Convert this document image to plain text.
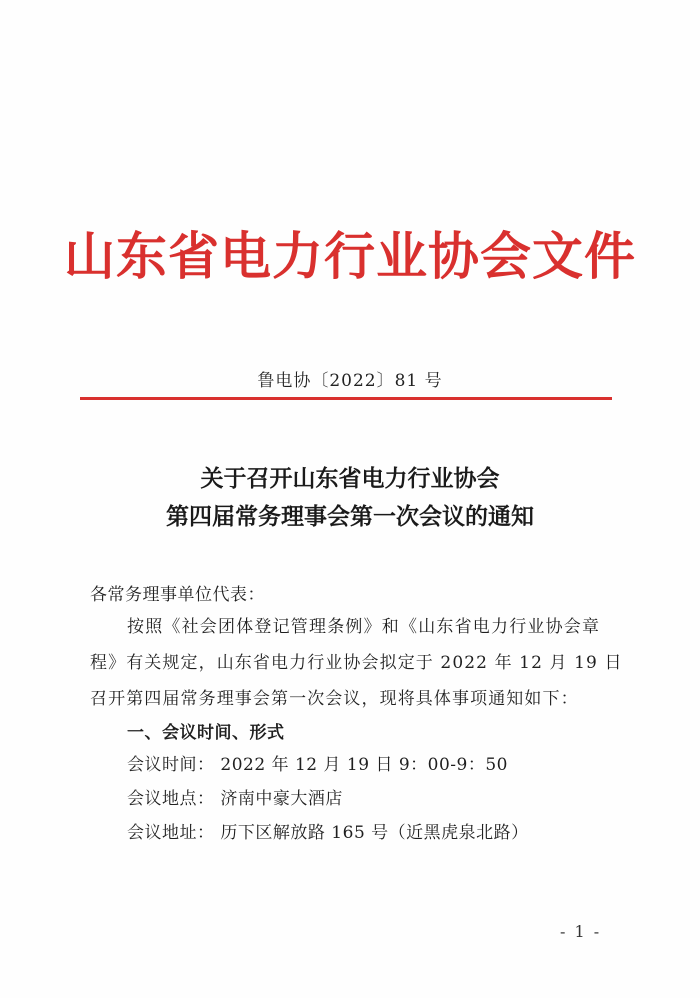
山东省电力行业协会文件
鲁电协〔2022〕81 号
关于召开山东省电力行业协会
第四届常务理事会第一次会议的通知
各常务理事单位代表：
按照《社会团体登记管理条例》和《山东省电力行业协会章
程》有关规定，山东省电力行业协会拟定于 2022 年 12 月 19 日
召开第四届常务理事会第一次会议，现将具体事项通知如下：
一、会议时间、形式
会议时间： 2022 年 12 月 19 日 9：00-9：50
会议地点： 济南中豪大酒店
会议地址： 历下区解放路 165 号（近黑虎泉北路）
- 1 -
